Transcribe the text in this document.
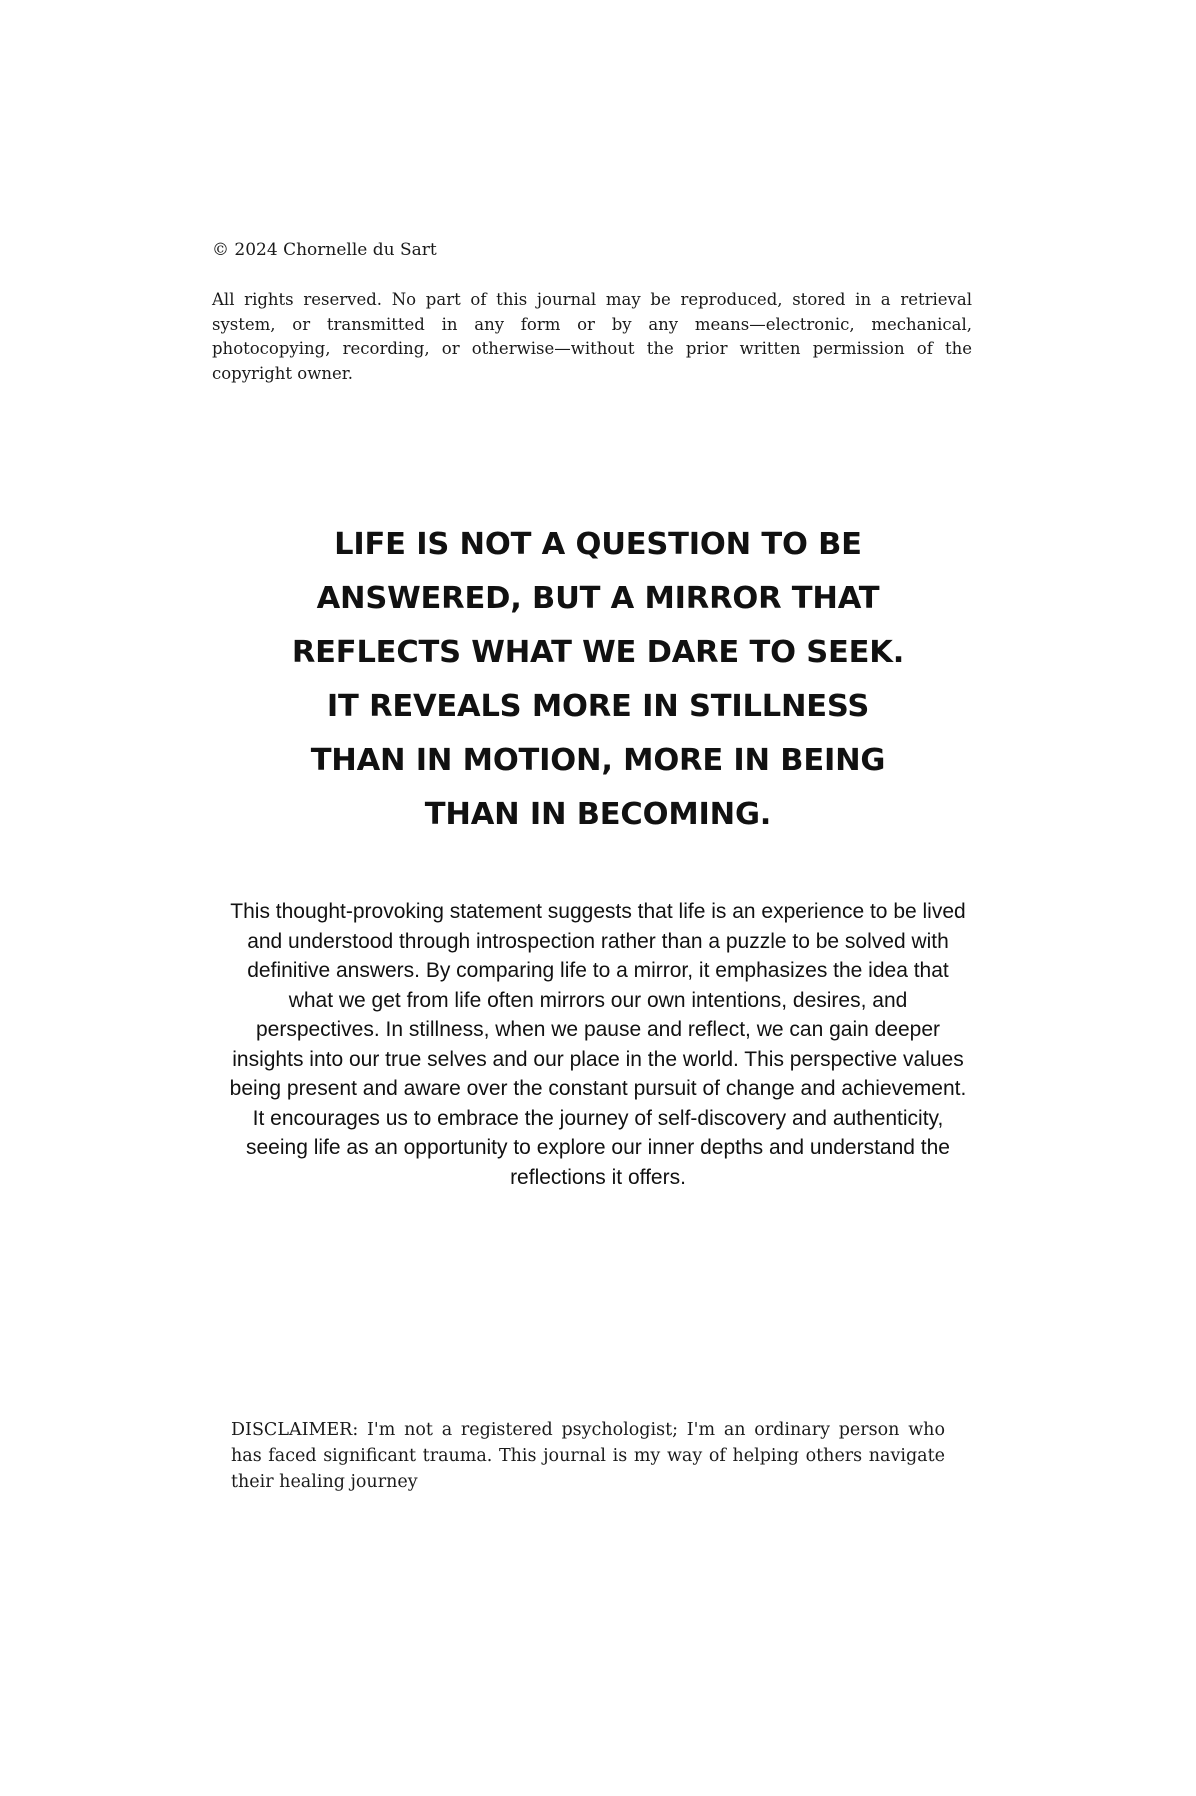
© 2024 Chornelle du Sart

All rights reserved. No part of this journal may be reproduced, stored in a retrieval system, or transmitted in any form or by any means—electronic, mechanical, photocopying, recording, or otherwise—without the prior written permission of the copyright owner.

LIFE IS NOT A QUESTION TO BE
ANSWERED, BUT A MIRROR THAT
REFLECTS WHAT WE DARE TO SEEK.
IT REVEALS MORE IN STILLNESS
THAN IN MOTION, MORE IN BEING
THAN IN BECOMING.

This thought-provoking statement suggests that life is an experience to be lived and understood through introspection rather than a puzzle to be solved with definitive answers. By comparing life to a mirror, it emphasizes the idea that what we get from life often mirrors our own intentions, desires, and perspectives. In stillness, when we pause and reflect, we can gain deeper insights into our true selves and our place in the world. This perspective values being present and aware over the constant pursuit of change and achievement. It encourages us to embrace the journey of self-discovery and authenticity, seeing life as an opportunity to explore our inner depths and understand the reflections it offers.

DISCLAIMER: I'm not a registered psychologist; I'm an ordinary person who has faced significant trauma. This journal is my way of helping others navigate their healing journey
